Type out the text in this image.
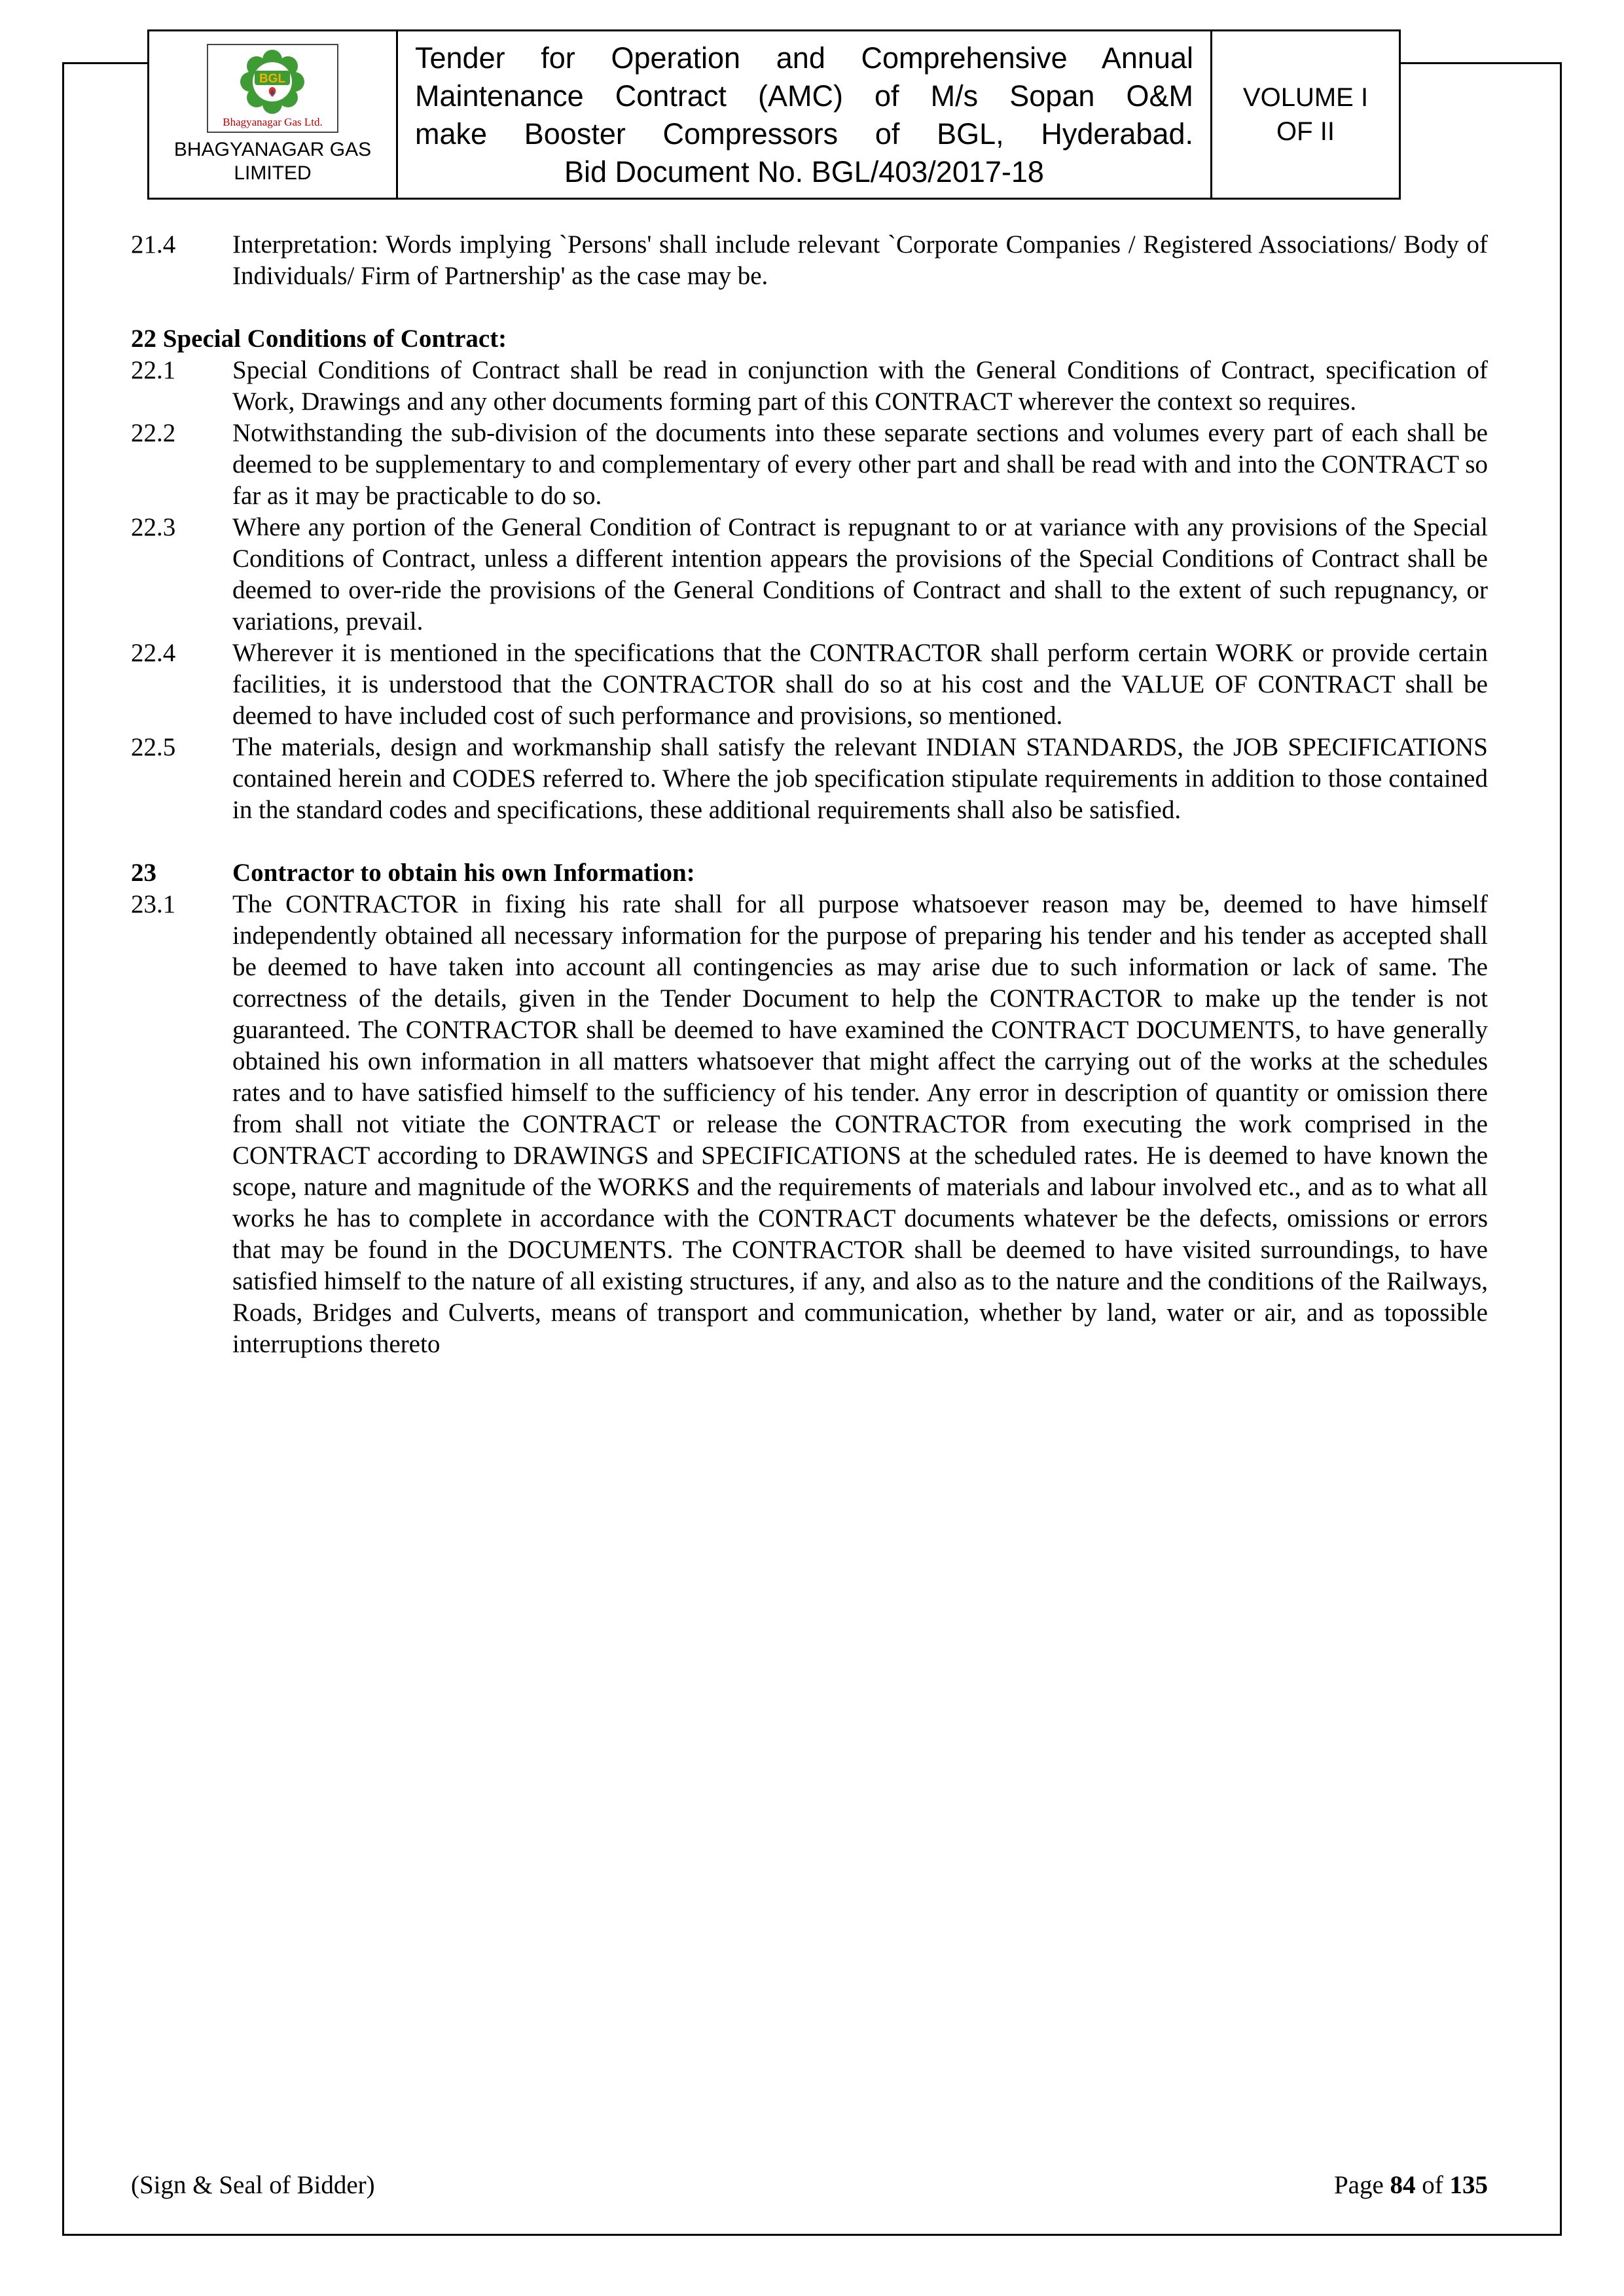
BGL
Bhagyanagar Gas Ltd.
BHAGYANAGAR GAS
LIMITED
Tender for Operation and Comprehensive Annual
Maintenance Contract (AMC) of M/s Sopan O&M
make Booster Compressors of BGL, Hyderabad.
Bid Document No. BGL/403/2017-18
VOLUME I
OF II
21.4	Interpretation: Words implying `Persons' shall include relevant `Corporate Companies / Registered Associations/ Body of Individuals/ Firm of Partnership' as the case may be.
22 Special Conditions of Contract:
22.1	Special Conditions of Contract shall be read in conjunction with the General Conditions of Contract, specification of Work, Drawings and any other documents forming part of this CONTRACT wherever the context so requires.
22.2	Notwithstanding the sub-division of the documents into these separate sections and volumes every part of each shall be deemed to be supplementary to and complementary of every other part and shall be read with and into the CONTRACT so far as it may be practicable to do so.
22.3	Where any portion of the General Condition of Contract is repugnant to or at variance with any provisions of the Special Conditions of Contract, unless a different intention appears the provisions of the Special Conditions of Contract shall be deemed to over-ride the provisions of the General Conditions of Contract and shall to the extent of such repugnancy, or variations, prevail.
22.4	Wherever it is mentioned in the specifications that the CONTRACTOR shall perform certain WORK or provide certain facilities, it is understood that the CONTRACTOR shall do so at his cost and the VALUE OF CONTRACT shall be deemed to have included cost of such performance and provisions, so mentioned.
22.5	The materials, design and workmanship shall satisfy the relevant INDIAN STANDARDS, the JOB SPECIFICATIONS contained herein and CODES referred to. Where the job specification stipulate requirements in addition to those contained in the standard codes and specifications, these additional requirements shall also be satisfied.
23	Contractor to obtain his own Information:
23.1	The CONTRACTOR in fixing his rate shall for all purpose whatsoever reason may be, deemed to have himself independently obtained all necessary information for the purpose of preparing his tender and his tender as accepted shall be deemed to have taken into account all contingencies as may arise due to such information or lack of same. The correctness of the details, given in the Tender Document to help the CONTRACTOR to make up the tender is not guaranteed. The CONTRACTOR shall be deemed to have examined the CONTRACT DOCUMENTS, to have generally obtained his own information in all matters whatsoever that might affect the carrying out of the works at the schedules rates and to have satisfied himself to the sufficiency of his tender. Any error in description of quantity or omission there from shall not vitiate the CONTRACT or release the CONTRACTOR from executing the work comprised in the CONTRACT according to DRAWINGS and SPECIFICATIONS at the scheduled rates. He is deemed to have known the scope, nature and magnitude of the WORKS and the requirements of materials and labour involved etc., and as to what all works he has to complete in accordance with the CONTRACT documents whatever be the defects, omissions or errors that may be found in the DOCUMENTS. The CONTRACTOR shall be deemed to have visited surroundings, to have satisfied himself to the nature of all existing structures, if any, and also as to the nature and the conditions of the Railways, Roads, Bridges and Culverts, means of transport and communication, whether by land, water or air, and as topossible interruptions thereto
(Sign & Seal of Bidder)	Page 84 of 135
